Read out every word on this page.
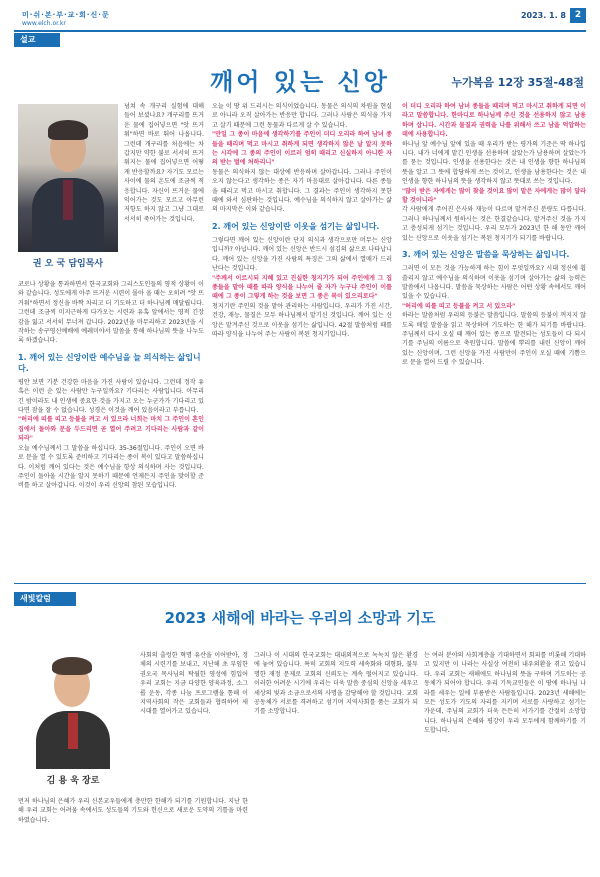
미·쉬·본·부·교·회·신·문
www.elch.or.kr
2023. 1. 8 2
설교
깨어 있는 신앙	누가복음 12장 35절-48절
권 오 국 담임목사
넘쳐 속 개구리 실험에 대해 들어 보셨나요? 개구리를 뜨거운 물에 집어넣으면 "앗 뜨거워"하면 바로 뛰어 나옵니다. 그런데 개구리를 처음에는 차갑지만 약한 불로 서서히 뜨거워지는 물에 집어넣으면 어떻게 반응할까요? 자기도 모르는 사이에 물의 온도에 조금씩 적응합니다. 자신이 뜨거운 물에 익어가는 것도 모르고 아무런 저항도 하지 않고 그냥 그대로 서서히 죽어가는 것입니다.

코로나 상황을 통과하면서 한국교회와 그리스도인들의 영적 상황이 이와 같습니다. 성도에게 아주 뜨거운 시련이 몰아 올 때는 오히려 "앗 뜨거워"하면서 정신을 바짝 차리고 더 기도하고 더 하나님께 매달립니다. 그런데 조금씩 미지근하게 다가오는 시련과 유혹 앞에서는 영적 긴장감을 잃고 서서히 무너져 갑니다. 2022년을 마무리하고 2023년을 시작하는 송구영신예배에 예레미야서 말씀을 통해 하나님의 뜻을 나누도록 하겠습니다.

1. 깨어 있는 신앙이란 예수님을 늘 의식하는 삶입니다.

평안 보면 기분 건강한 마음을 가진 사람이 있습니다. 그런데 정작 유혹은 이런 순 있는 사람만 누구일까요? 기다리는 사람입니다. 아무리 긴 밤이라도 내 인생에 중요한 것을 가지고 오는 누군가가 기다리고 있다면 잠을 잘 수 없습니다. 성경은 이것을 깨어 있음이라고 부릅니다.

"허리에 띠를 띠고 등불을 켜고 서 있으라 너희는 마치 그 주인이 혼인 집에서 돌아와 문을 두드리면 곧 열어 주려고 기다리는 사람과 같이 되라"

오늘 예수님께서 그 말씀을 하십니다. 35-36절입니다. 주인이 오면 바로 문을 열 수 있도록 준비하고 기다리는 종이 복이 있다고 말씀하십니다. 이처럼 깨어 있다는 것은 예수님을 항상 의식하며 사는 것입니다. 주인이 돌아올 시간을 알지 못하기 때문에 언제든지 주인을 맞이할 준비를 하고 살아갑니다. 이것이 우리 신앙의 참된 모습입니다.

오늘 이 땅 위 드리시는 의식이었습니다. 동물은 의식의 차원을 현실로 아니라 오직 살아가는 반응만 합니다. 그러나 사람은 의식을 가지고 살기 때문에 그런 동물과 다르게 살 수 있습니다.

"만일 그 종이 마음에 생각하기를 주인이 더디 오리라 하여 남녀 종들을 때리며 먹고 마시고 취하게 되면 생각하지 않은 날 알지 못하는 시각에 그 종의 주인이 이르러 엄히 때리고 신실하지 아니한 자의 받는 벌에 처하리니"

동물은 의식하지 않는 대상에 반응하며 살아갑니다. 그러나 주인이 오지 않는다고 생각하는 종은 자기 마음대로 살아갑니다. 다른 종들을 때리고 먹고 마시고 취합니다. 그 결과는 주인이 생각하지 못한 때에 와서 심판하는 것입니다. 예수님을 의식하지 않고 살아가는 삶의 마지막은 이와 같습니다.

2. 깨어 있는 신앙이란 이웃을 섬기는 삶입니다.

그렇다면 깨어 있는 신앙이란 단지 의식과 생각으로만 머무는 신앙입니까? 아닙니다. 깨어 있는 신앙은 반드시 섬김의 삶으로 나타납니다. 깨어 있는 신앙을 가진 사람의 특징은 그의 삶에서 열매가 드러난다는 것입니다.

"주께서 이르시되 지혜 있고 진실한 청지기가 되어 주인에게 그 집 종들을 맡아 때를 따라 양식을 나누어 줄 자가 누구냐 주인이 이를 때에 그 종이 그렇게 하는 것을 보면 그 종은 복이 있으리로다"

청지기란 주인의 것을 맡아 관리하는 사람입니다. 우리가 가진 시간, 건강, 재능, 물질은 모두 하나님께서 맡기신 것입니다. 깨어 있는 신앙은 맡겨주신 것으로 이웃을 섬기는 삶입니다. 42절 말씀처럼 때를 따라 양식을 나누어 주는 사람이 복된 청지기입니다.

이 더디 오리라 하여 남녀 종들을 때리며 먹고 마시고 취하게 되면 이라고 말씀합니다. 한마디로 하나님께 주신 것을 선용하지 않고 남용하며 삽니다. 시간과 물질과 권력을 나를 위해서 쓰고 남을 억압하는 데에 사용합니다.

하나님 앞 예수님 앞에 있을 때 우리가 받는 평가의 기준은 딱 하나입니다. 내가 너에게 맡긴 인생을 선용하며 살았는가 남용하며 살았는가를 묻는 것입니다. 인생을 선용한다는 것은 내 인생을 향한 하나님의 뜻을 알고 그 뜻에 합당하게 쓰는 것이고, 인생을 남용한다는 것은 내 인생을 향한 하나님의 뜻을 생각하지 않고 뜻대로 쓰는 것입니다.

"많이 받은 자에게는 많이 찾을 것이요 많이 맡은 자에게는 많이 달라 할 것이니라"

각 사람에게 주어진 은사와 재능이 다르며 맡겨주신 분량도 다릅니다. 그러나 하나님께서 원하시는 것은 한결같습니다. 맡겨주신 것을 가지고 충성되게 섬기는 것입니다. 우리 모두가 2023년 한 해 동안 깨어 있는 신앙으로 이웃을 섬기는 복된 청지기가 되기를 바랍니다.

3. 깨어 있는 신앙은 말씀을 묵상하는 삶입니다.

그러면 이 모든 것을 가능하게 하는 힘이 무엇일까요? 시대 정신에 휩쓸리지 않고 예수님을 의식하며 이웃을 섬기며 살아가는 삶의 능력은 말씀에서 나옵니다. 말씀을 묵상하는 사람은 어떤 상황 속에서도 깨어 있을 수 있습니다.

"허리에 띠를 띠고 등불을 켜고 서 있으라"

하라는 말씀처럼 우리의 등불은 말씀입니다. 말씀의 등불이 꺼지지 않도록 매일 말씀을 읽고 묵상하며 기도하는 한 해가 되기를 바랍니다. 주님께서 다시 오실 때 깨어 있는 종으로 발견되는 성도들이 다 되시기를 주님의 이름으로 축원합니다. 말씀에 뿌리를 내린 신앙이 깨어 있는 신앙이며, 그런 신앙을 가진 사람만이 주인이 오실 때에 기쁨으로 문을 열어 드릴 수 있습니다.

새빛칼럼
2023 새해에 바라는 우리의 소망과 기도
김 용 욱 장로
사회의 출렁한 혁명 유산을 이어받아, 정체의 시련기를 보내고, 지난해 초 부임한 권오국 목사님의 탁월한 영성에 힘입어 우리 교회는 지금 다양한 양육과정, 소그룹 운동, 각종 나눔 프로그램을 통해 이 지역사회의 작은 교회들과 협력하여 새 시대를 열어가고 있습니다.
먼저 하나님의 은혜가 우리 신본교우들에게 충만한 한해가 되기를 기원합니다. 지난 한 해 우리 교회는 어려움 속에서도 성도들의 기도와 헌신으로 새로운 도약의 기틀을 마련하였습니다.
그러나 이 시대의 한국교회는 대내외적으로 녹녹치 않은 환경에 놓여 있습니다. 특히 교회의 지도력 세속화와 대형화, 불투명한 재정 문제로 교회의 신뢰도는 계속 떨어지고 있습니다. 이러한 어려운 시기에 우리는 더욱 말씀 중심의 신앙을 세우고 세상의 빛과 소금으로서의 사명을 감당해야 할 것입니다. 교회 공동체가 서로를 격려하고 섬기며 지역사회를 품는 교회가 되기를 소망합니다.
는 여러 분야의 사회계층을 기대하면서 회피를 비롯해 기대하고 있지만 이 나라는 사실상 여전히 내우외환을 겪고 있습니다. 우리 교회는 새해에도 하나님의 뜻을 구하며 기도하는 공동체가 되어야 합니다. 우리 기독교인들은 이 땅에 하나님 나라를 세우는 일에 부름받은 사람들입니다. 2023년 새해에는 모든 성도가 기도의 자리를 지키며 서로를 사랑하고 섬기는 가운데, 주님의 교회가 더욱 든든히 서가기를 간절히 소망합니다. 하나님의 은혜와 평강이 우리 모두에게 함께하기를 기도합니다.
